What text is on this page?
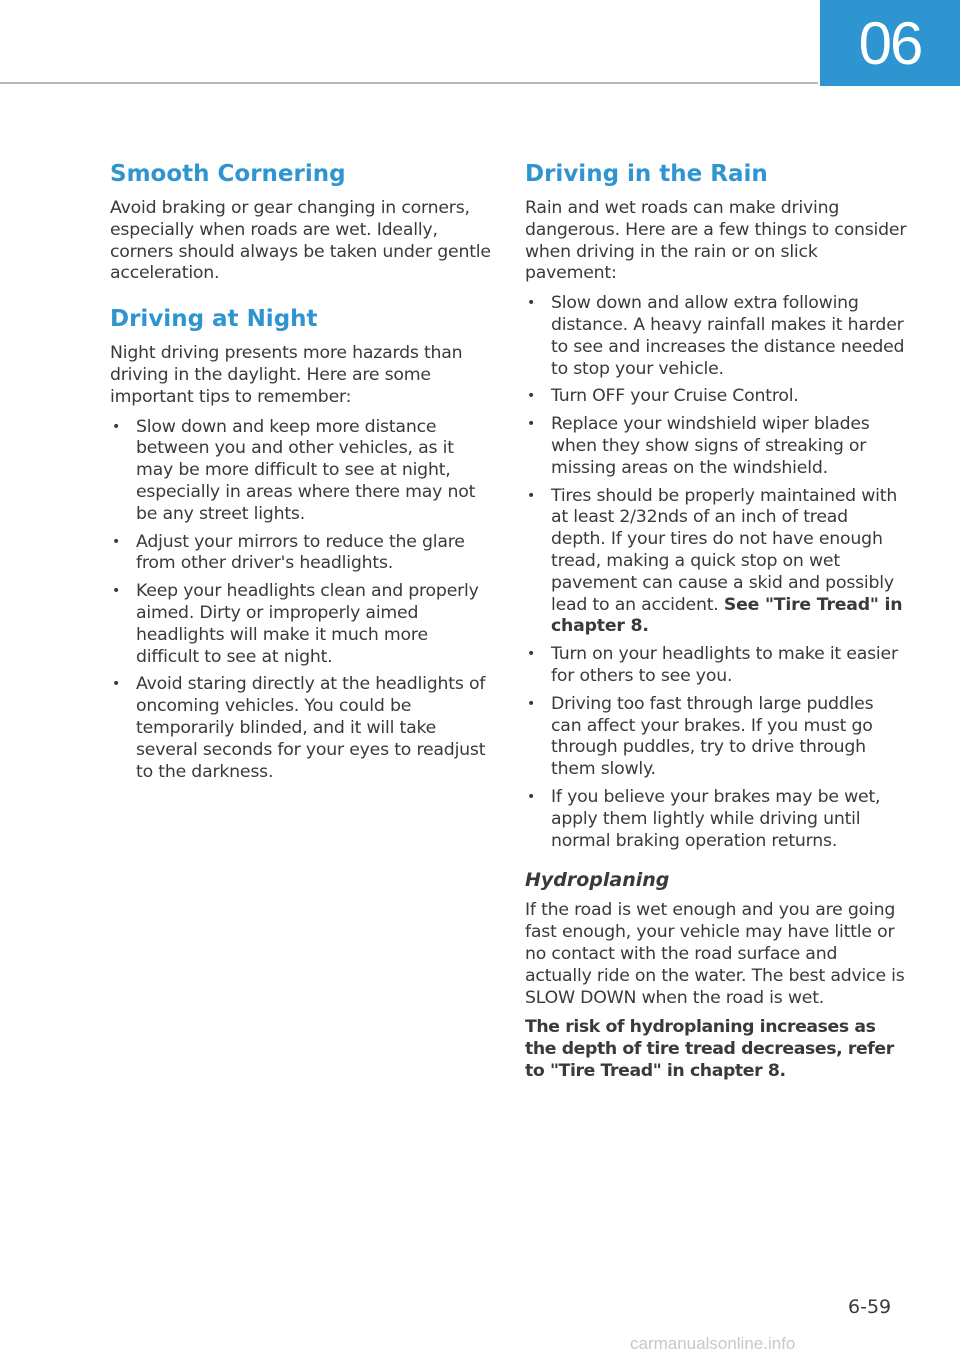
06
Smooth Cornering

Avoid braking or gear changing in corners, especially when roads are wet. Ideally, corners should always be taken under gentle acceleration.

Driving at Night

Night driving presents more hazards than driving in the daylight. Here are some important tips to remember:

• Slow down and keep more distance between you and other vehicles, as it may be more difficult to see at night, especially in areas where there may not be any street lights.
• Adjust your mirrors to reduce the glare from other driver's headlights.
• Keep your headlights clean and properly aimed. Dirty or improperly aimed headlights will make it much more difficult to see at night.
• Avoid staring directly at the headlights of oncoming vehicles. You could be temporarily blinded, and it will take several seconds for your eyes to readjust to the darkness.
Driving in the Rain

Rain and wet roads can make driving dangerous. Here are a few things to consider when driving in the rain or on slick pavement:

• Slow down and allow extra following distance. A heavy rainfall makes it harder to see and increases the distance needed to stop your vehicle.
• Turn OFF your Cruise Control.
• Replace your windshield wiper blades when they show signs of streaking or missing areas on the windshield.
• Tires should be properly maintained with at least 2/32nds of an inch of tread depth. If your tires do not have enough tread, making a quick stop on wet pavement can cause a skid and possibly lead to an accident. See "Tire Tread" in chapter 8.
• Turn on your headlights to make it easier for others to see you.
• Driving too fast through large puddles can affect your brakes. If you must go through puddles, try to drive through them slowly.
• If you believe your brakes may be wet, apply them lightly while driving until normal braking operation returns.
Hydroplaning

If the road is wet enough and you are going fast enough, your vehicle may have little or no contact with the road surface and actually ride on the water. The best advice is SLOW DOWN when the road is wet.

The risk of hydroplaning increases as the depth of tire tread decreases, refer to "Tire Tread" in chapter 8.

6-59
carmanualsonline.info
